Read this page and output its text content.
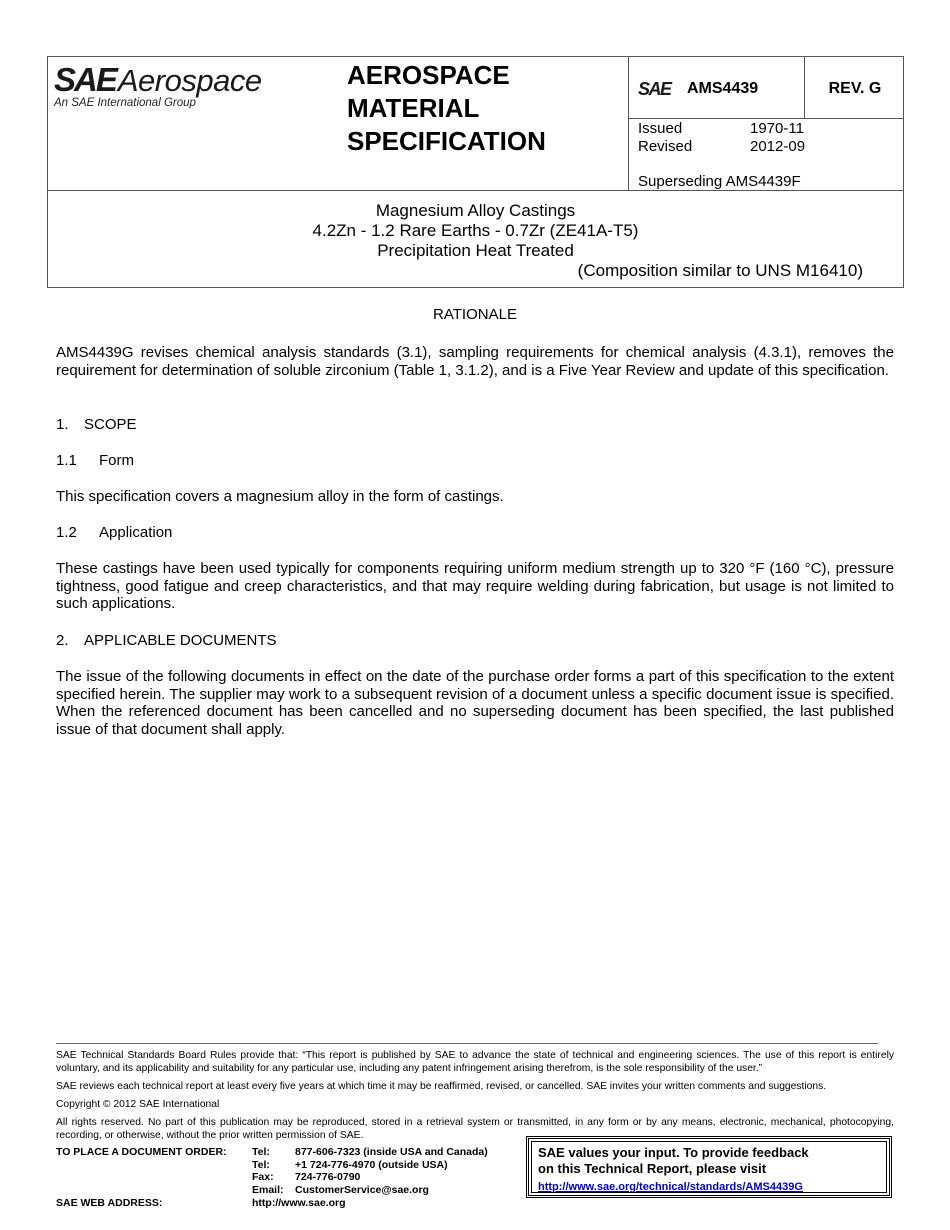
SAE Aerospace
An SAE International Group
AEROSPACE
MATERIAL
SPECIFICATION
SAE AMS4439	REV. G
Issued	1970-11
Revised	2012-09
Superseding AMS4439F
Magnesium Alloy Castings
4.2Zn - 1.2 Rare Earths - 0.7Zr (ZE41A-T5)
Precipitation Heat Treated
(Composition similar to UNS M16410)
RATIONALE
AMS4439G revises chemical analysis standards (3.1), sampling requirements for chemical analysis (4.3.1), removes the requirement for determination of soluble zirconium (Table 1, 3.1.2), and is a Five Year Review and update of this specification.
1. SCOPE
1.1 Form
This specification covers a magnesium alloy in the form of castings.
1.2 Application
These castings have been used typically for components requiring uniform medium strength up to 320 °F (160 °C), pressure tightness, good fatigue and creep characteristics, and that may require welding during fabrication, but usage is not limited to such applications.
2. APPLICABLE DOCUMENTS
The issue of the following documents in effect on the date of the purchase order forms a part of this specification to the extent specified herein. The supplier may work to a subsequent revision of a document unless a specific document issue is specified. When the referenced document has been cancelled and no superseding document has been specified, the last published issue of that document shall apply.
SAE Technical Standards Board Rules provide that: “This report is published by SAE to advance the state of technical and engineering sciences. The use of this report is entirely voluntary, and its applicability and suitability for any particular use, including any patent infringement arising therefrom, is the sole responsibility of the user.”
SAE reviews each technical report at least every five years at which time it may be reaffirmed, revised, or cancelled. SAE invites your written comments and suggestions.
Copyright © 2012 SAE International
All rights reserved. No part of this publication may be reproduced, stored in a retrieval system or transmitted, in any form or by any means, electronic, mechanical, photocopying, recording, or otherwise, without the prior written permission of SAE.
TO PLACE A DOCUMENT ORDER: Tel:	877-606-7323 (inside USA and Canada)
Tel:	+1 724-776-4970 (outside USA)
Fax:	724-776-0790
Email:	CustomerService@sae.org
SAE WEB ADDRESS:	http://www.sae.org
SAE values your input. To provide feedback
on this Technical Report, please visit
http://www.sae.org/technical/standards/AMS4439G
